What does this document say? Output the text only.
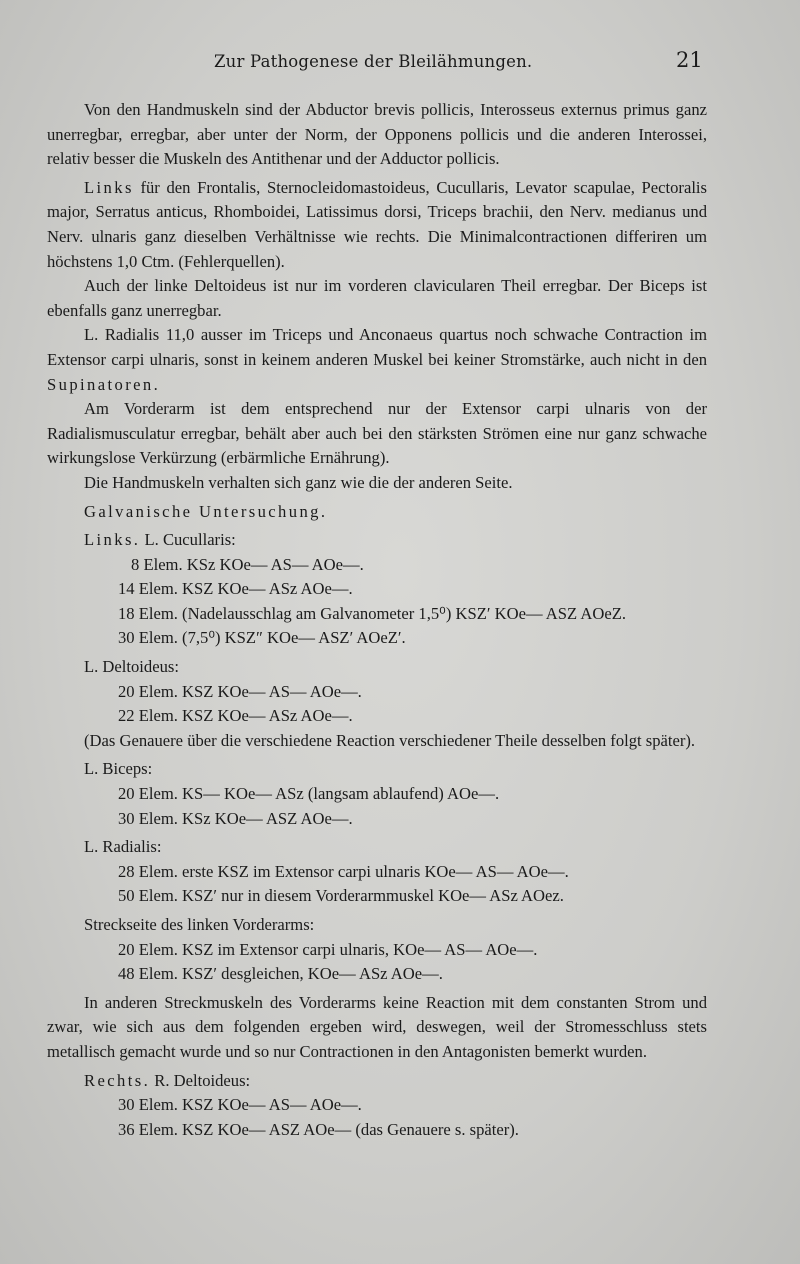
Zur Pathogenese der Bleilähmungen.	21
Von den Handmuskeln sind der Abductor brevis pollicis, Interosseus externus primus ganz unerregbar, erregbar, aber unter der Norm, der Opponens pollicis und die anderen Interossei, relativ besser die Muskeln des Antithenar und der Adductor pollicis.
Links für den Frontalis, Sternocleidomastoideus, Cucullaris, Levator scapulae, Pectoralis major, Serratus anticus, Rhomboidei, Latissimus dorsi, Triceps brachii, den Nerv. medianus und Nerv. ulnaris ganz dieselben Verhältnisse wie rechts. Die Minimalcontractionen differiren um höchstens 1,0 Ctm. (Fehlerquellen).
Auch der linke Deltoideus ist nur im vorderen clavicularen Theil erregbar. Der Biceps ist ebenfalls ganz unerregbar.
L. Radialis 11,0 ausser im Triceps und Anconaeus quartus noch schwache Contraction im Extensor carpi ulnaris, sonst in keinem anderen Muskel bei keiner Stromstärke, auch nicht in den Supinatoren.
Am Vorderarm ist dem entsprechend nur der Extensor carpi ulnaris von der Radialismusculatur erregbar, behält aber auch bei den stärksten Strömen eine nur ganz schwache wirkungslose Verkürzung (erbärmliche Ernährung).
Die Handmuskeln verhalten sich ganz wie die der anderen Seite.
Galvanische Untersuchung.
Links. L. Cucullaris:
8 Elem. KSz KOe— AS— AOe—.
14 Elem. KSZ KOe— ASz AOe—.
18 Elem. (Nadelausschlag am Galvanometer 1,5⁰) KSZ′ KOe— ASZ AOeZ.
30 Elem. (7,5⁰) KSZ″ KOe— ASZ′ AOeZ′.
L. Deltoideus:
20 Elem. KSZ KOe— AS— AOe—.
22 Elem. KSZ KOe— ASz AOe—.
(Das Genauere über die verschiedene Reaction verschiedener Theile desselben folgt später).
L. Biceps:
20 Elem. KS— KOe— ASz (langsam ablaufend) AOe—.
30 Elem. KSz KOe— ASZ AOe—.
L. Radialis:
28 Elem. erste KSZ im Extensor carpi ulnaris KOe— AS— AOe—.
50 Elem. KSZ′ nur in diesem Vorderarmmuskel KOe— ASz AOez.
Streckseite des linken Vorderarms:
20 Elem. KSZ im Extensor carpi ulnaris, KOe— AS— AOe—.
48 Elem. KSZ′ desgleichen, KOe— ASz AOe—.
In anderen Streckmuskeln des Vorderarms keine Reaction mit dem constanten Strom und zwar, wie sich aus dem folgenden ergeben wird, deswegen, weil der Stromesschluss stets metallisch gemacht wurde und so nur Contractionen in den Antagonisten bemerkt wurden.
Rechts. R. Deltoideus:
30 Elem. KSZ KOe— AS— AOe—.
36 Elem. KSZ KOe— ASZ AOe— (das Genauere s. später).
